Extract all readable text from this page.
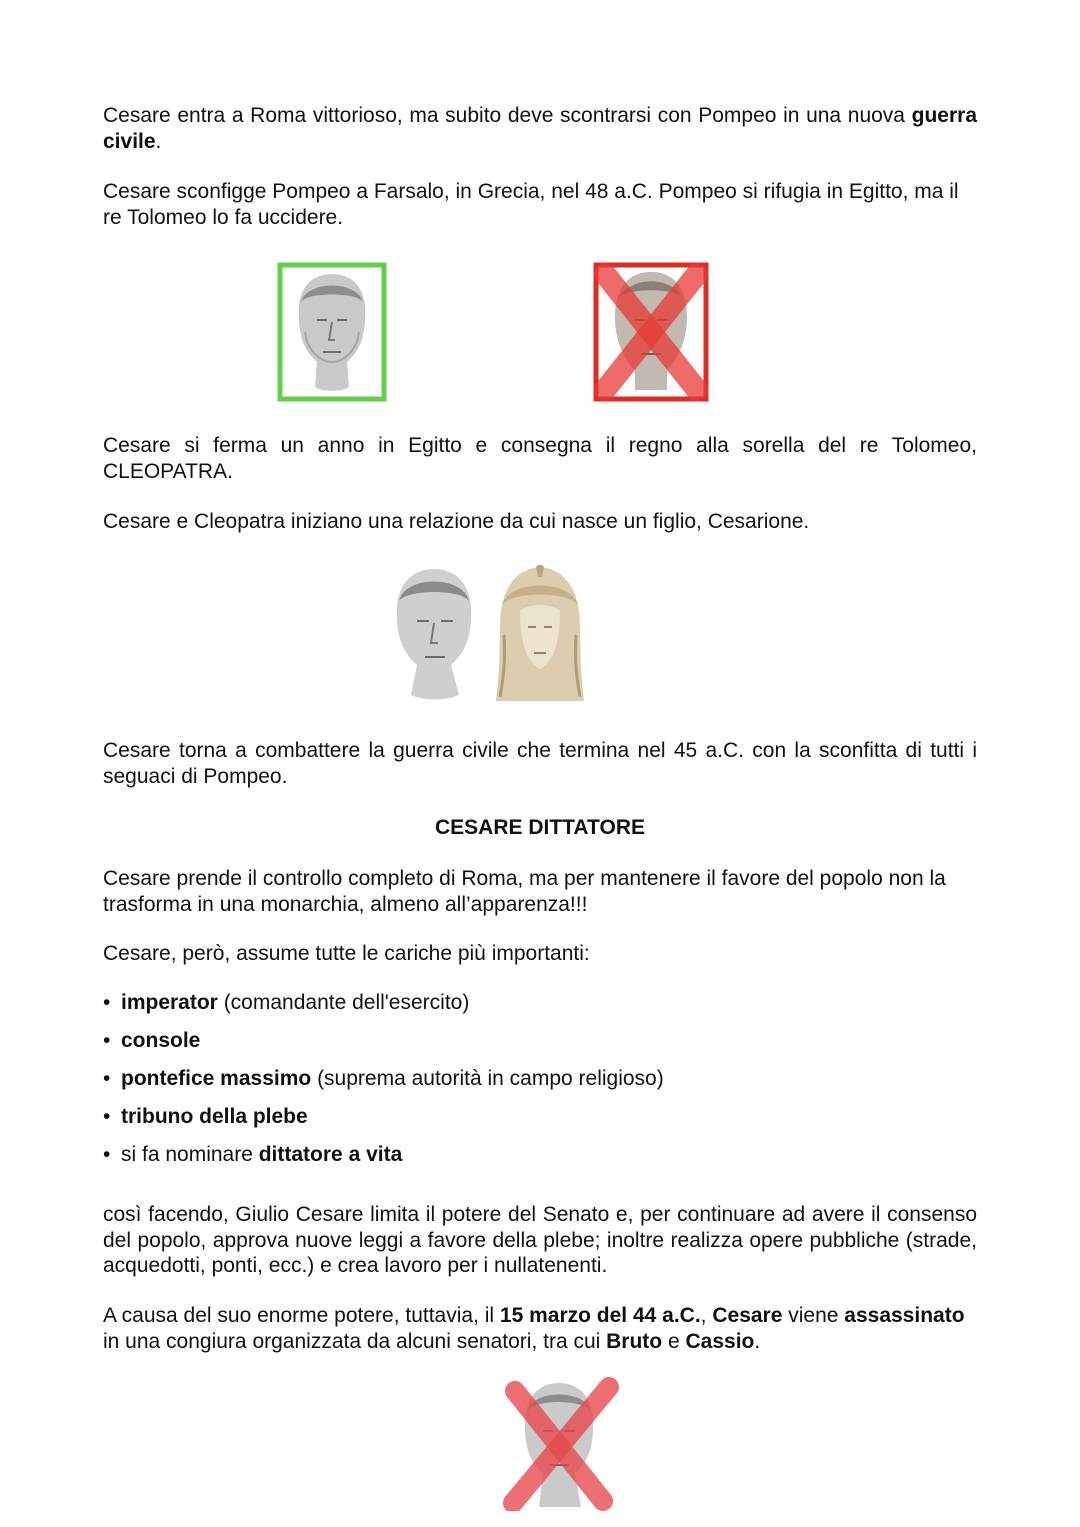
Cesare entra a Roma vittorioso, ma subito deve scontrarsi con Pompeo in una nuova guerra civile.

Cesare sconfigge Pompeo a Farsalo, in Grecia, nel 48 a.C. Pompeo si rifugia in Egitto, ma il re Tolomeo lo fa uccidere.

Cesare si ferma un anno in Egitto e consegna il regno alla sorella del re Tolomeo, CLEOPATRA.

Cesare e Cleopatra iniziano una relazione da cui nasce un figlio, Cesarione.

Cesare torna a combattere la guerra civile che termina nel 45 a.C. con la sconfitta di tutti i seguaci di Pompeo.

CESARE DITTATORE

Cesare prende il controllo completo di Roma, ma per mantenere il favore del popolo non la trasforma in una monarchia, almeno all’apparenza!!!

Cesare, però, assume tutte le cariche più importanti:

• imperator (comandante dell'esercito)
• console
• pontefice massimo (suprema autorità in campo religioso)
• tribuno della plebe
• si fa nominare dittatore a vita

così facendo, Giulio Cesare limita il potere del Senato e, per continuare ad avere il consenso del popolo, approva nuove leggi a favore della plebe; inoltre realizza opere pubbliche (strade, acquedotti, ponti, ecc.) e crea lavoro per i nullatenenti.

A causa del suo enorme potere, tuttavia, il 15 marzo del 44 a.C., Cesare viene assassinato in una congiura organizzata da alcuni senatori, tra cui Bruto e Cassio.
